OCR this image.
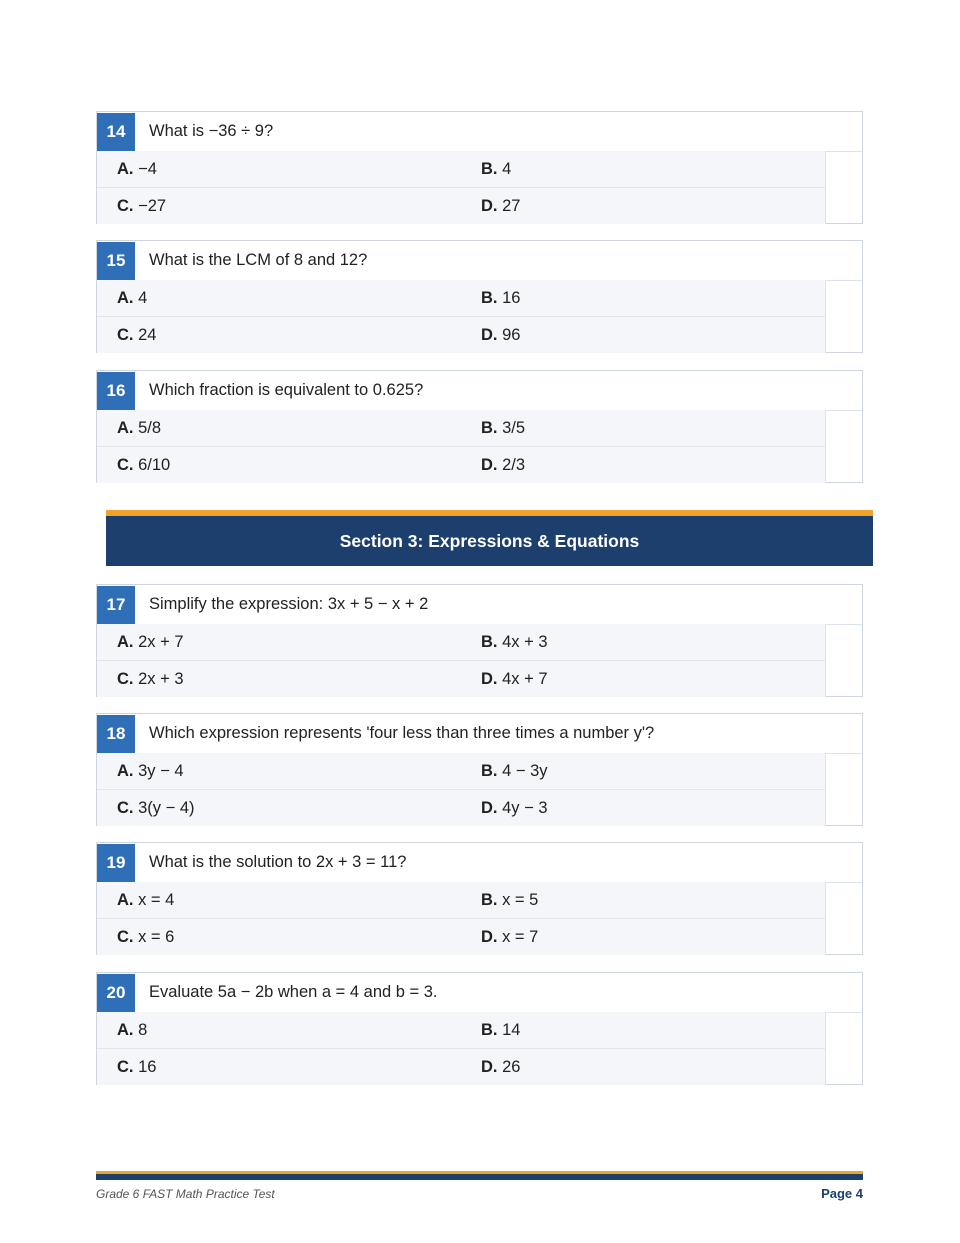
14	What is −36 ÷ 9?
A. −4	B. 4
C. −27	D. 27
15	What is the LCM of 8 and 12?
A. 4	B. 16
C. 24	D. 96
16	Which fraction is equivalent to 0.625?
A. 5/8	B. 3/5
C. 6/10	D. 2/3
Section 3: Expressions & Equations
17	Simplify the expression: 3x + 5 − x + 2
A. 2x + 7	B. 4x + 3
C. 2x + 3	D. 4x + 7
18	Which expression represents 'four less than three times a number y'?
A. 3y − 4	B. 4 − 3y
C. 3(y − 4)	D. 4y − 3
19	What is the solution to 2x + 3 = 11?
A. x = 4	B. x = 5
C. x = 6	D. x = 7
20	Evaluate 5a − 2b when a = 4 and b = 3.
A. 8	B. 14
C. 16	D. 26
Grade 6 FAST Math Practice Test	Page 4
